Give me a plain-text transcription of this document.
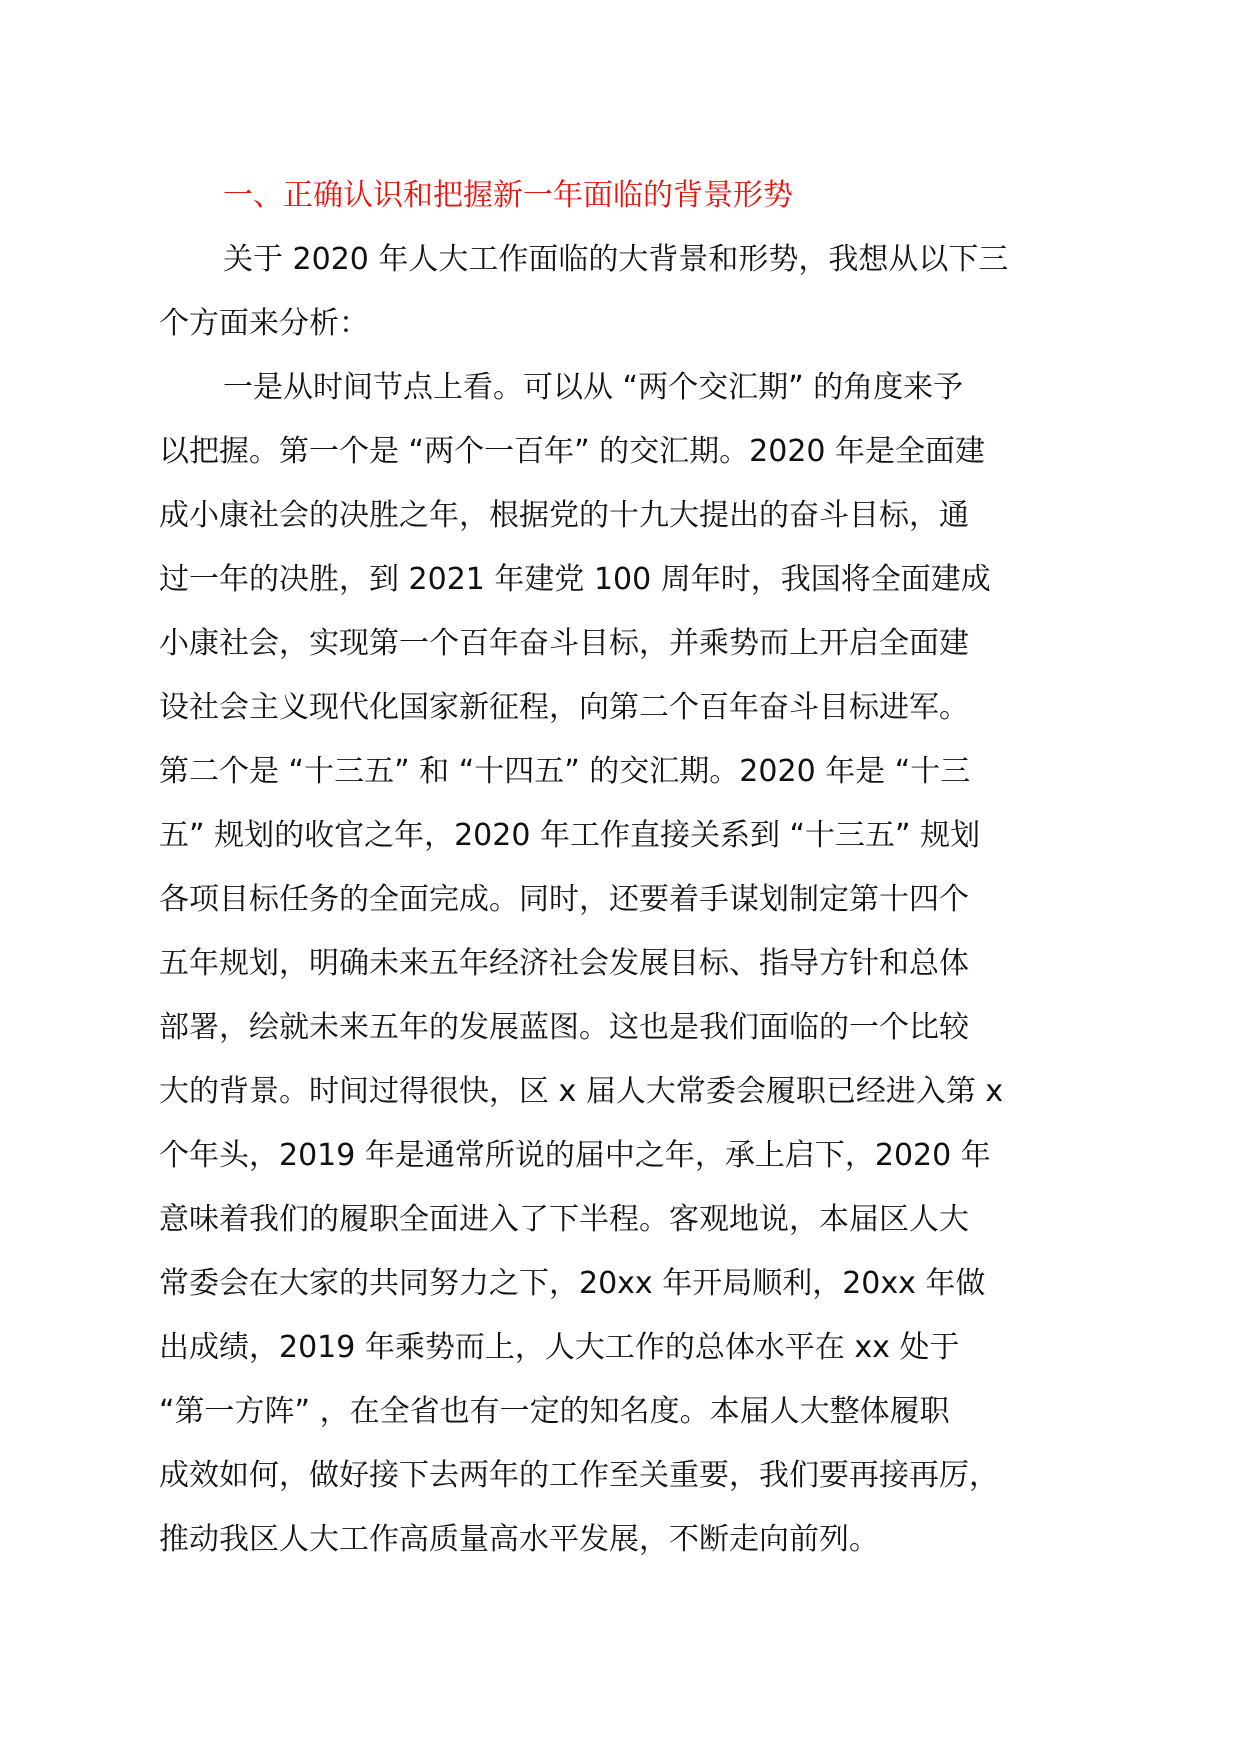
一、正确认识和把握新一年面临的背景形势
关于 2020 年人大工作面临的大背景和形势，我想从以下三
个方面来分析：
一是从时间节点上看。可以从 “两个交汇期” 的角度来予
以把握。第一个是 “两个一百年” 的交汇期。2020 年是全面建
成小康社会的决胜之年，根据党的十九大提出的奋斗目标，通
过一年的决胜，到 2021 年建党 100 周年时，我国将全面建成
小康社会，实现第一个百年奋斗目标，并乘势而上开启全面建
设社会主义现代化国家新征程，向第二个百年奋斗目标进军。
第二个是 “十三五” 和 “十四五” 的交汇期。2020 年是 “十三
五” 规划的收官之年，2020 年工作直接关系到 “十三五” 规划
各项目标任务的全面完成。同时，还要着手谋划制定第十四个
五年规划，明确未来五年经济社会发展目标、指导方针和总体
部署，绘就未来五年的发展蓝图。这也是我们面临的一个比较
大的背景。时间过得很快，区 x 届人大常委会履职已经进入第 x
个年头，2019 年是通常所说的届中之年，承上启下，2020 年
意味着我们的履职全面进入了下半程。客观地说，本届区人大
常委会在大家的共同努力之下，20xx 年开局顺利，20xx 年做
出成绩，2019 年乘势而上，人大工作的总体水平在 xx 处于
“第一方阵” ，在全省也有一定的知名度。本届人大整体履职
成效如何，做好接下去两年的工作至关重要，我们要再接再厉，
推动我区人大工作高质量高水平发展，不断走向前列。
